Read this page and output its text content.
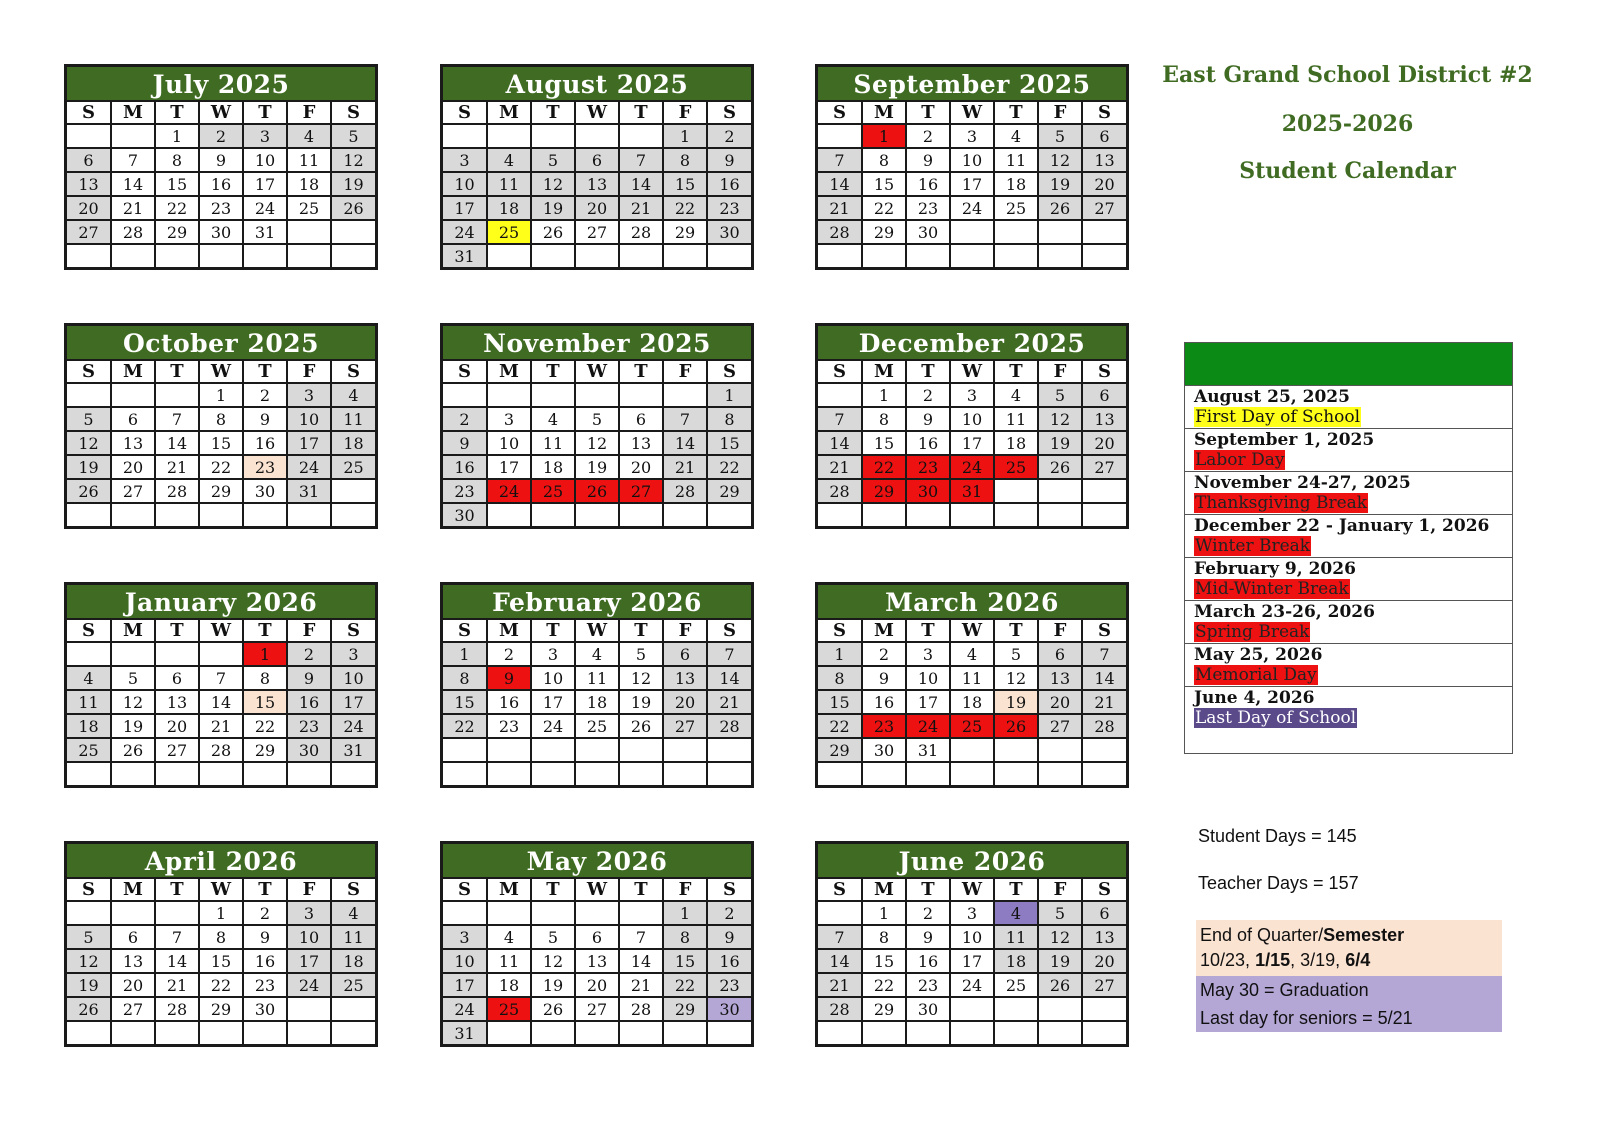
East Grand School District #2
2025-2026
Student Calendar
July 2025
S	M	T	W	T	F	S
		1	2	3	4	5
6	7	8	9	10	11	12
13	14	15	16	17	18	19
20	21	22	23	24	25	26
27	28	29	30	31		

August 2025
S	M	T	W	T	F	S
					1	2
3	4	5	6	7	8	9
10	11	12	13	14	15	16
17	18	19	20	21	22	23
24	25	26	27	28	29	30
31						
September 2025
S	M	T	W	T	F	S
	1	2	3	4	5	6
7	8	9	10	11	12	13
14	15	16	17	18	19	20
21	22	23	24	25	26	27
28	29	30				

October 2025
S	M	T	W	T	F	S
			1	2	3	4
5	6	7	8	9	10	11
12	13	14	15	16	17	18
19	20	21	22	23	24	25
26	27	28	29	30	31	

November 2025
S	M	T	W	T	F	S
						1
2	3	4	5	6	7	8
9	10	11	12	13	14	15
16	17	18	19	20	21	22
23	24	25	26	27	28	29
30						
December 2025
S	M	T	W	T	F	S
	1	2	3	4	5	6
7	8	9	10	11	12	13
14	15	16	17	18	19	20
21	22	23	24	25	26	27
28	29	30	31			

January 2026
S	M	T	W	T	F	S
				1	2	3
4	5	6	7	8	9	10
11	12	13	14	15	16	17
18	19	20	21	22	23	24
25	26	27	28	29	30	31

February 2026
S	M	T	W	T	F	S
1	2	3	4	5	6	7
8	9	10	11	12	13	14
15	16	17	18	19	20	21
22	23	24	25	26	27	28

March 2026
S	M	T	W	T	F	S
1	2	3	4	5	6	7
8	9	10	11	12	13	14
15	16	17	18	19	20	21
22	23	24	25	26	27	28
29	30	31				

April 2026
S	M	T	W	T	F	S
			1	2	3	4
5	6	7	8	9	10	11
12	13	14	15	16	17	18
19	20	21	22	23	24	25
26	27	28	29	30		

May 2026
S	M	T	W	T	F	S
					1	2
3	4	5	6	7	8	9
10	11	12	13	14	15	16
17	18	19	20	21	22	23
24	25	26	27	28	29	30
31						
June 2026
S	M	T	W	T	F	S
	1	2	3	4	5	6
7	8	9	10	11	12	13
14	15	16	17	18	19	20
21	22	23	24	25	26	27
28	29	30				

August 25, 2025
First Day of School
September 1, 2025
Labor Day
November 24-27, 2025
Thanksgiving Break
December 22 - January 1, 2026
Winter Break
February 9, 2026
Mid-Winter Break
March 23-26, 2026
Spring Break
May 25, 2026
Memorial Day
June 4, 2026
Last Day of School
Student Days = 145
Teacher Days = 157
End of Quarter/Semester
10/23, 1/15, 3/19, 6/4
May 30 = Graduation
Last day for seniors = 5/21
